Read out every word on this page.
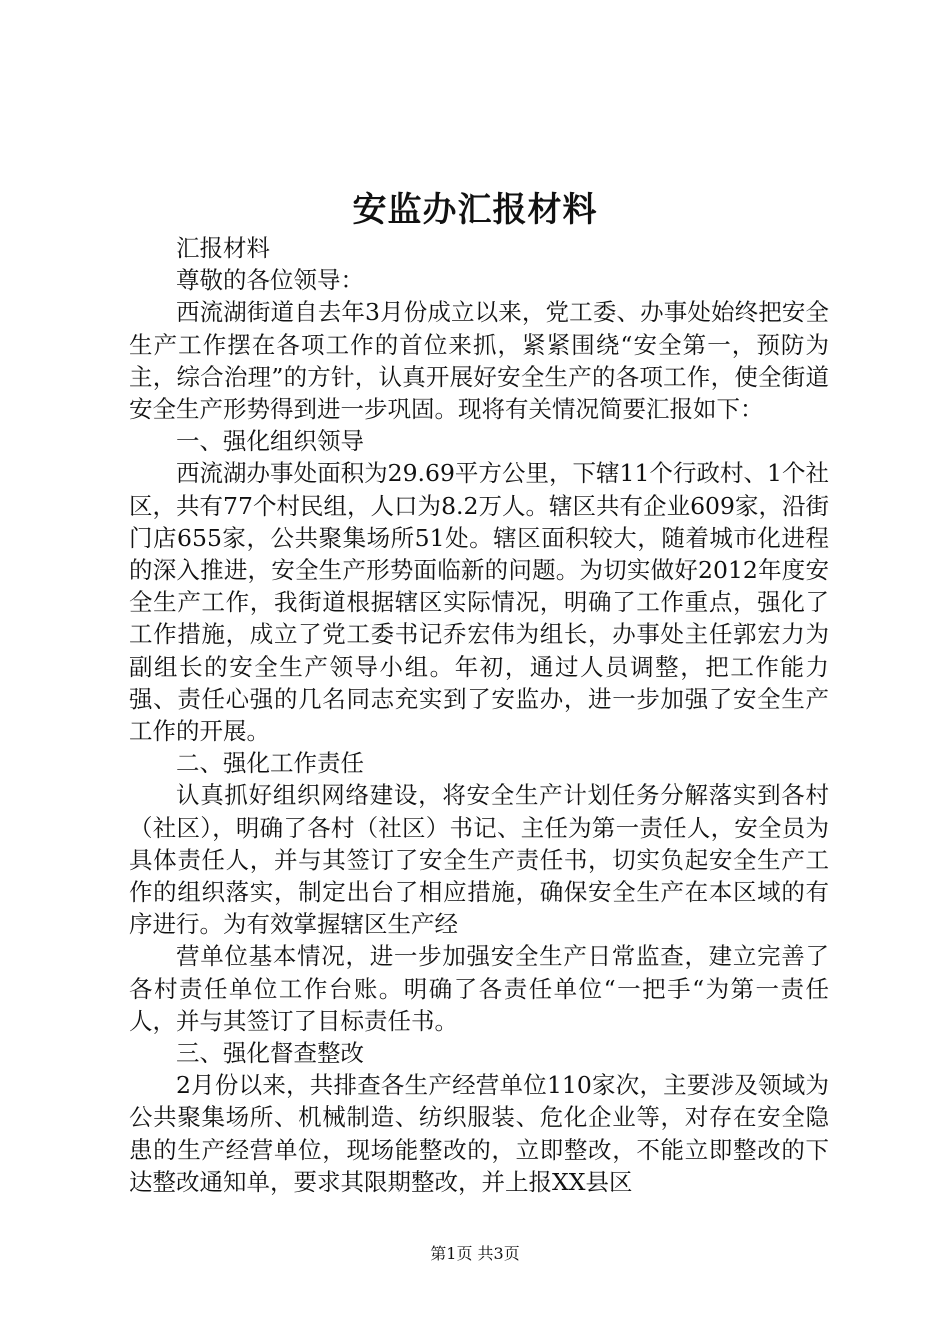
安监办汇报材料

汇报材料

尊敬的各位领导：

西流湖街道自去年3月份成立以来，党工委、办事处始终把安全生产工作摆在各项工作的首位来抓，紧紧围绕“安全第一，预防为主，综合治理”的方针，认真开展好安全生产的各项工作，使全街道安全生产形势得到进一步巩固。现将有关情况简要汇报如下：

一、强化组织领导

西流湖办事处面积为29.69平方公里，下辖11个行政村、1个社区，共有77个村民组，人口为8.2万人。辖区共有企业609家，沿街门店655家，公共聚集场所51处。辖区面积较大，随着城市化进程的深入推进，安全生产形势面临新的问题。为切实做好2012年度安全生产工作，我街道根据辖区实际情况，明确了工作重点，强化了工作措施，成立了党工委书记乔宏伟为组长，办事处主任郭宏力为副组长的安全生产领导小组。年初，通过人员调整，把工作能力强、责任心强的几名同志充实到了安监办，进一步加强了安全生产工作的开展。

二、强化工作责任

认真抓好组织网络建设，将安全生产计划任务分解落实到各村（社区），明确了各村（社区）书记、主任为第一责任人，安全员为具体责任人，并与其签订了安全生产责任书，切实负起安全生产工作的组织落实，制定出台了相应措施，确保安全生产在本区域的有序进行。为有效掌握辖区生产经

营单位基本情况，进一步加强安全生产日常监查，建立完善了各村责任单位工作台账。明确了各责任单位“一把手“为第一责任人，并与其签订了目标责任书。

三、强化督查整改

2月份以来，共排查各生产经营单位110家次，主要涉及领域为公共聚集场所、机械制造、纺织服装、危化企业等，对存在安全隐患的生产经营单位，现场能整改的，立即整改，不能立即整改的下达整改通知单，要求其限期整改，并上报XX县区

第1页 共3页
